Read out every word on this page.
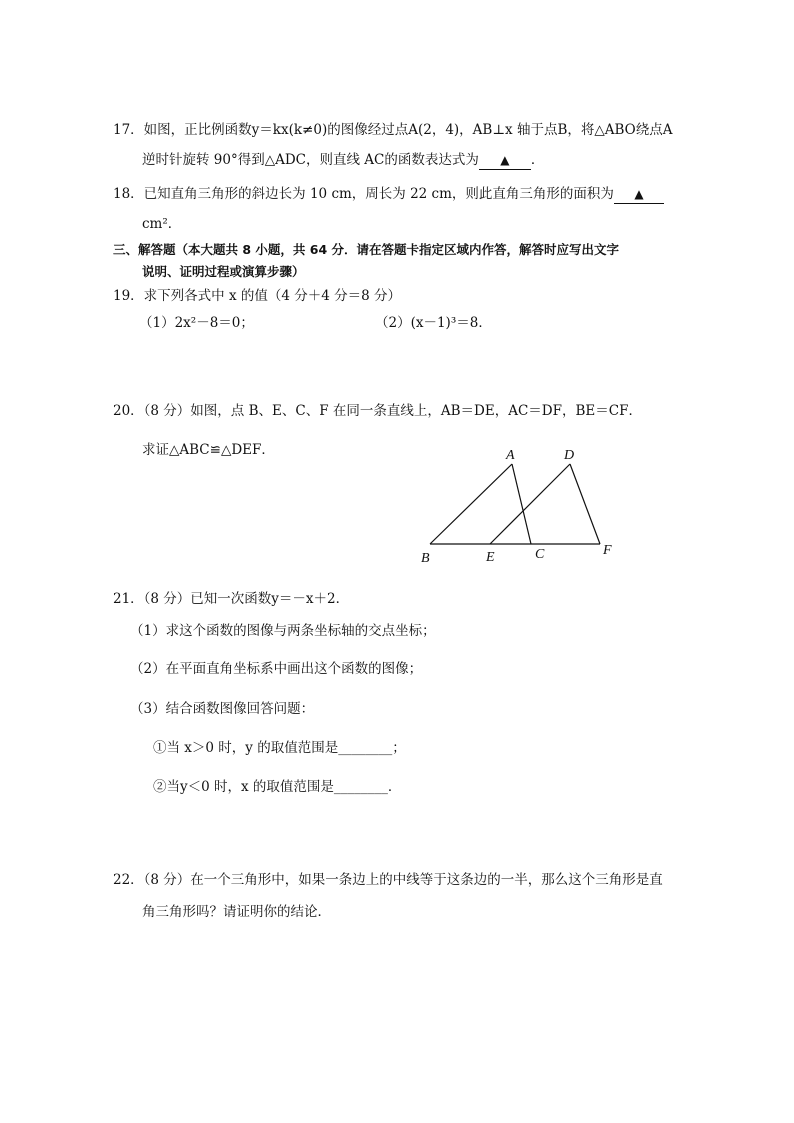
17．如图，正比例函数y＝kx(k≠0)的图像经过点A(2，4)，AB⊥x 轴于点B，将△ABO绕点A
逆时针旋转 90°得到△ADC，则直线 AC的函数表达式为 ▲ ．
18．已知直角三角形的斜边长为 10 cm，周长为 22 cm，则此直角三角形的面积为 ▲
cm²．
三、解答题（本大题共 8 小题，共 64 分．请在答题卡指定区域内作答，解答时应写出文字
说明、证明过程或演算步骤）
19．求下列各式中 x 的值（4 分＋4 分＝8 分）
（1）2x²－8＝0；	（2）(x－1)³＝8．
20．（8 分）如图，点 B、E、C、F 在同一条直线上，AB＝DE，AC＝DF，BE＝CF．
求证△ABC≌△DEF．	A	D
B	E	C	F
21．（8 分）已知一次函数y＝－x＋2．
（1）求这个函数的图像与两条坐标轴的交点坐标；
（2）在平面直角坐标系中画出这个函数的图像；
（3）结合函数图像回答问题：
①当 x＞0 时，y 的取值范围是________；
②当y＜0 时，x 的取值范围是________．
22．（8 分）在一个三角形中，如果一条边上的中线等于这条边的一半，那么这个三角形是直
角三角形吗？请证明你的结论．
